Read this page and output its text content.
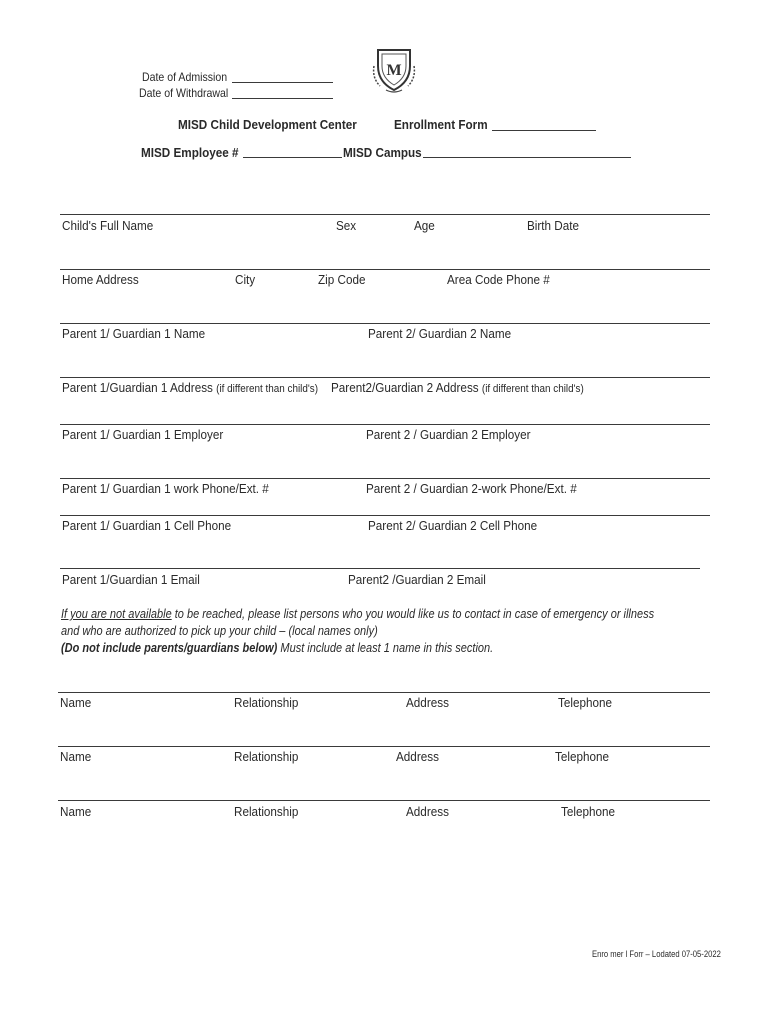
Date of Admission
Date of Withdrawal
M
MISD Child Development Center	Enrollment Form
MISD Employee #	MISD Campus
Child's Full Name	Sex	Age	Birth Date
Home Address	City	Zip Code	Area Code Phone #
Parent 1/ Guardian 1 Name	Parent 2/ Guardian 2 Name
Parent 1/Guardian 1 Address (if different than child's) Parent2/Guardian 2 Address (if different than child's)
Parent 1/ Guardian 1 Employer	Parent 2 / Guardian 2 Employer
Parent 1/ Guardian 1 work Phone/Ext. #	Parent 2 / Guardian 2-work Phone/Ext. #
Parent 1/ Guardian 1 Cell Phone	Parent 2/ Guardian 2 Cell Phone
Parent 1/Guardian 1 Email	Parent2 /Guardian 2 Email
If you are not available to be reached, please list persons who you would like us to contact in case of emergency or illness
and who are authorized to pick up your child – (local names only)
(Do not include parents/guardians below) Must include at least 1 name in this section.
Name	Relationship	Address	Telephone
Name	Relationship	Address	Telephone
Name	Relationship	Address	Telephone
Enro mer l Forr – Lodated 07-05-2022
